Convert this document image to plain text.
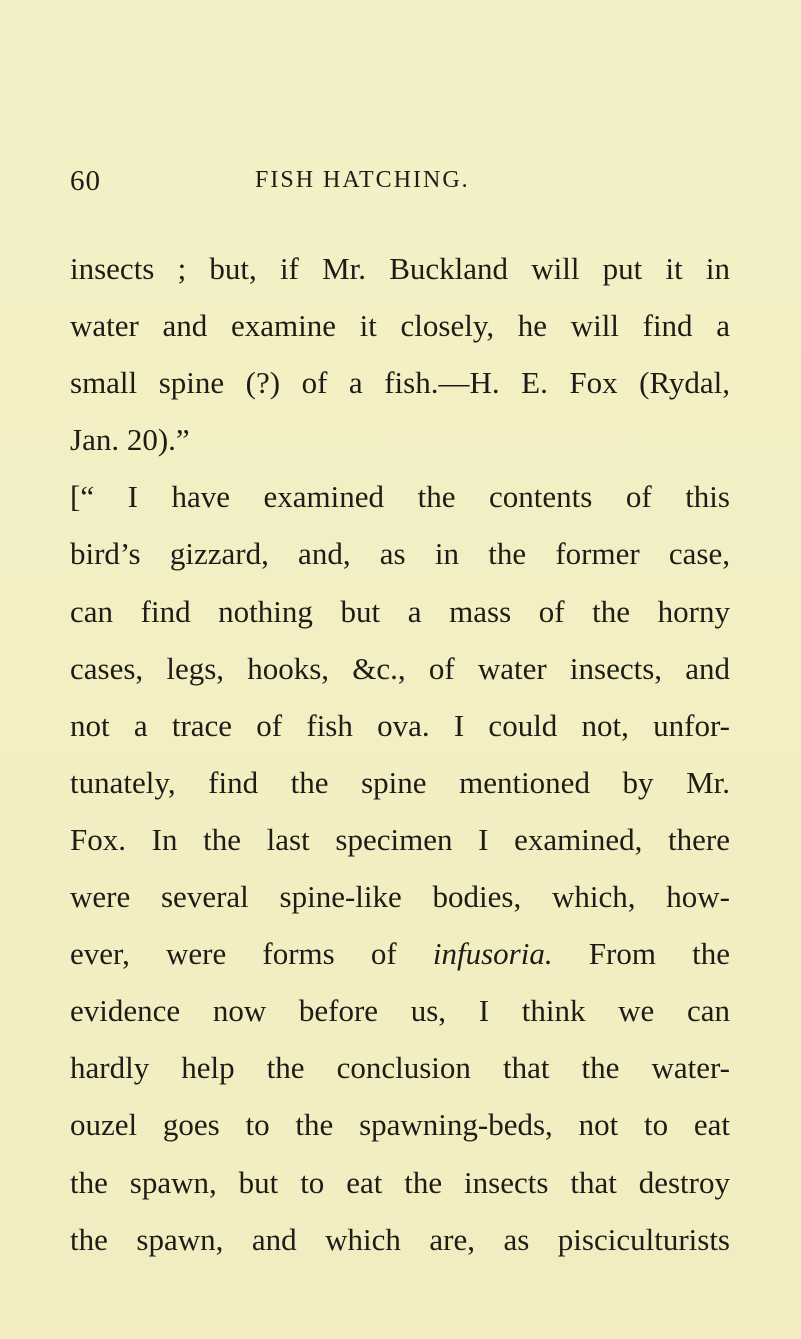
60	FISH HATCHING.
insects ; but, if Mr. Buckland will put it in
water and examine it closely, he will find a
small spine (?) of a fish.—H. E. Fox (Rydal,
Jan. 20).”
[“ I have examined the contents of this
bird’s gizzard, and, as in the former case,
can find nothing but a mass of the horny
cases, legs, hooks, &c., of water insects, and
not a trace of fish ova. I could not, unfor-
tunately, find the spine mentioned by Mr.
Fox. In the last specimen I examined, there
were several spine-like bodies, which, how-
ever, were forms of infusoria. From the
evidence now before us, I think we can
hardly help the conclusion that the water-
ouzel goes to the spawning-beds, not to eat
the spawn, but to eat the insects that destroy
the spawn, and which are, as pisciculturists
